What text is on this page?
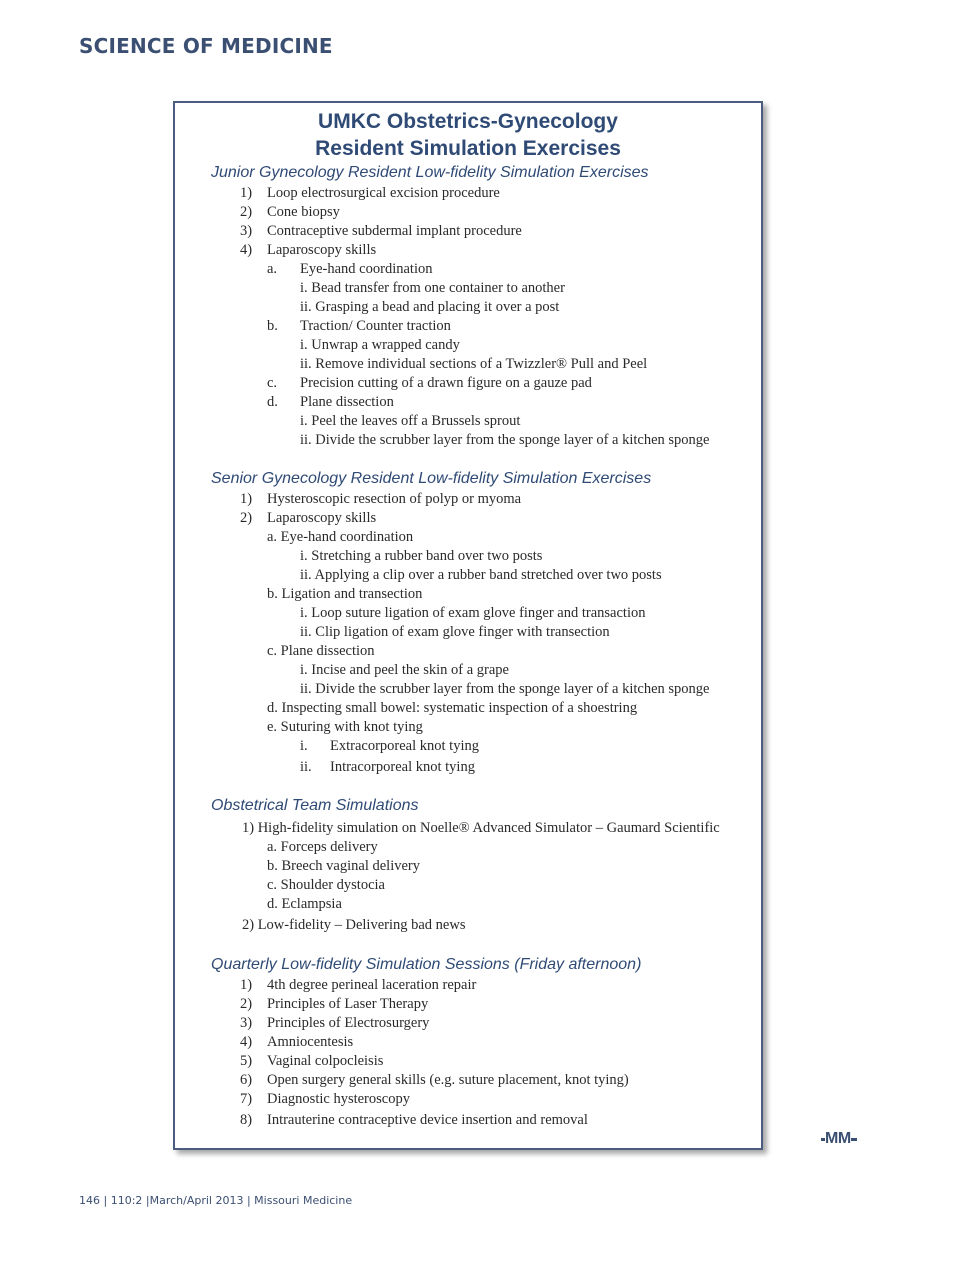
SCIENCE OF MEDICINE
UMKC Obstetrics-Gynecology
Resident Simulation Exercises
Junior Gynecology Resident Low-fidelity Simulation Exercises
1) Loop electrosurgical excision procedure
2) Cone biopsy
3) Contraceptive subdermal implant procedure
4) Laparoscopy skills
a. Eye-hand coordination
i. Bead transfer from one container to another
ii. Grasping a bead and placing it over a post
b. Traction/ Counter traction
i. Unwrap a wrapped candy
ii. Remove individual sections of a Twizzler® Pull and Peel
c. Precision cutting of a drawn figure on a gauze pad
d. Plane dissection
i. Peel the leaves off a Brussels sprout
ii. Divide the scrubber layer from the sponge layer of a kitchen sponge
Senior Gynecology Resident Low-fidelity Simulation Exercises
1) Hysteroscopic resection of polyp or myoma
2) Laparoscopy skills
a. Eye-hand coordination
i. Stretching a rubber band over two posts
ii. Applying a clip over a rubber band stretched over two posts
b. Ligation and transection
i. Loop suture ligation of exam glove finger and transaction
ii. Clip ligation of exam glove finger with transection
c. Plane dissection
i. Incise and peel the skin of a grape
ii. Divide the scrubber layer from the sponge layer of a kitchen sponge
d. Inspecting small bowel: systematic inspection of a shoestring
e. Suturing with knot tying
i. Extracorporeal knot tying
ii. Intracorporeal knot tying
Obstetrical Team Simulations
1) High-fidelity simulation on Noelle® Advanced Simulator – Gaumard Scientific
a. Forceps delivery
b. Breech vaginal delivery
c. Shoulder dystocia
d. Eclampsia
2) Low-fidelity – Delivering bad news
Quarterly Low-fidelity Simulation Sessions (Friday afternoon)
1) 4th degree perineal laceration repair
2) Principles of Laser Therapy
3) Principles of Electrosurgery
4) Amniocentesis
5) Vaginal colpocleisis
6) Open surgery general skills (e.g. suture placement, knot tying)
7) Diagnostic hysteroscopy
8) Intrauterine contraceptive device insertion and removal
MM
146 | 110:2 |March/April 2013 | Missouri Medicine
